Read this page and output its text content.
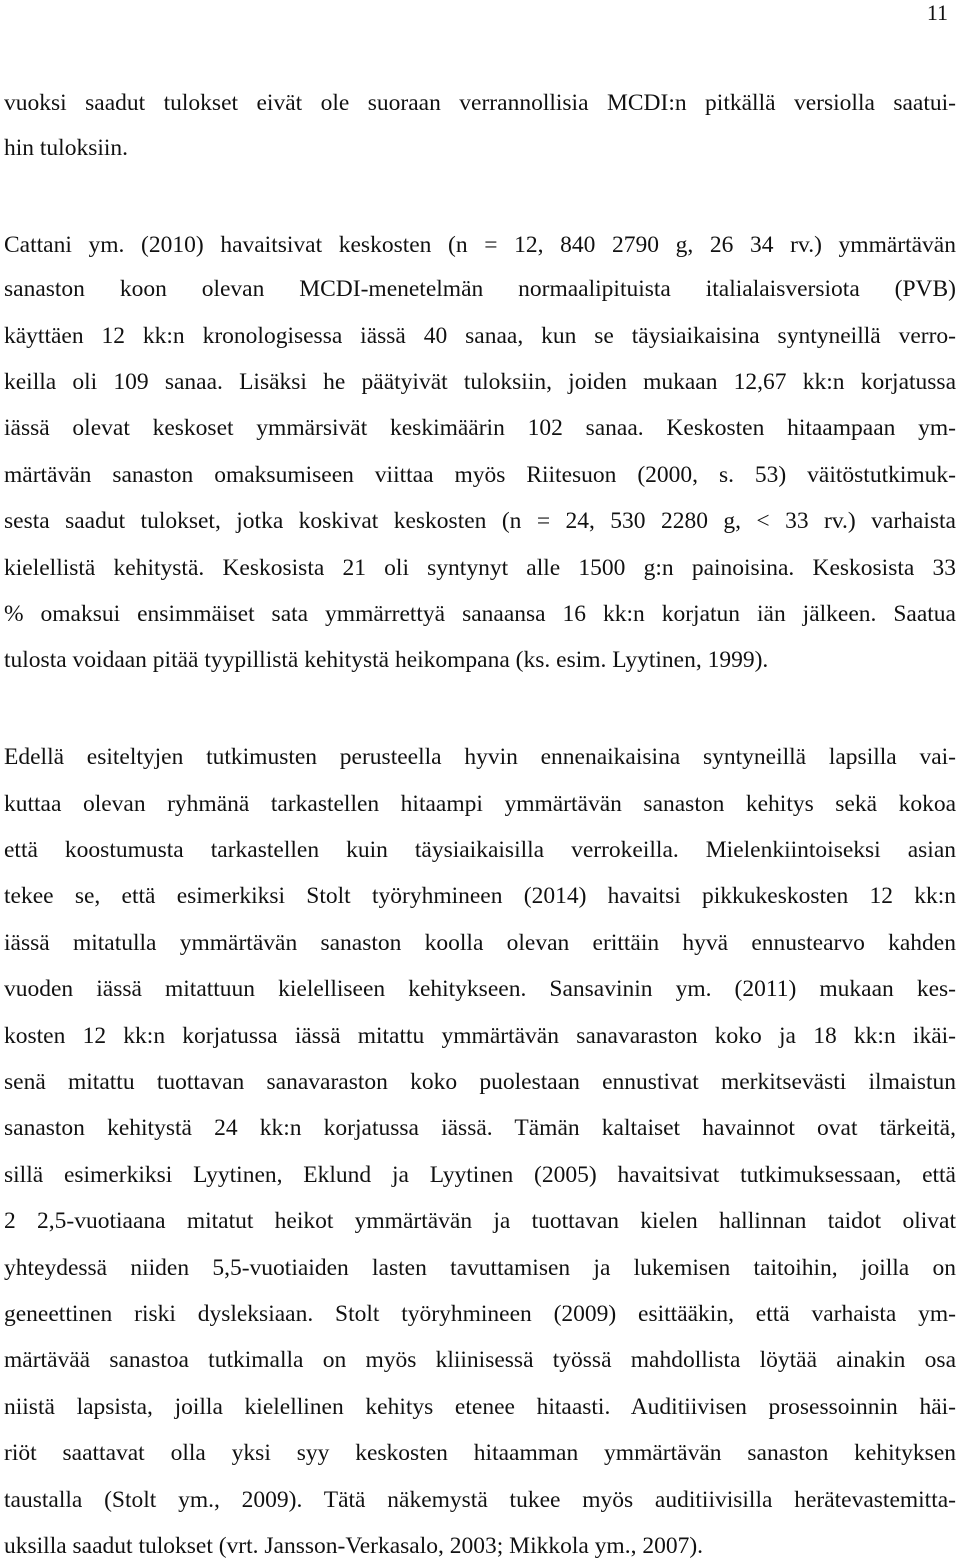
11
vuoksi saadut tulokset eivät ole suoraan verrannollisia MCDI:n pitkällä versiolla saatui-
hin tuloksiin.
Cattani ym. (2010) havaitsivat keskosten (n = 12, 840 2790 g, 26 34 rv.) ymmärtävän
sanaston koon olevan MCDI-menetelmän normaalipituista italialaisversiota (PVB)
käyttäen 12 kk:n kronologisessa iässä 40 sanaa, kun se täysiaikaisina syntyneillä verro-
keilla oli 109 sanaa. Lisäksi he päätyivät tuloksiin, joiden mukaan 12,67 kk:n korjatussa
iässä olevat keskoset ymmärsivät keskimäärin 102 sanaa. Keskosten hitaampaan ym-
märtävän sanaston omaksumiseen viittaa myös Riitesuon (2000, s. 53) väitöstutkimuk-
sesta saadut tulokset, jotka koskivat keskosten (n = 24, 530 2280 g, < 33 rv.) varhaista
kielellistä kehitystä. Keskosista 21 oli syntynyt alle 1500 g:n painoisina. Keskosista 33
% omaksui ensimmäiset sata ymmärrettyä sanaansa 16 kk:n korjatun iän jälkeen. Saatua
tulosta voidaan pitää tyypillistä kehitystä heikompana (ks. esim. Lyytinen, 1999).
Edellä esiteltyjen tutkimusten perusteella hyvin ennenaikaisina syntyneillä lapsilla vai-
kuttaa olevan ryhmänä tarkastellen hitaampi ymmärtävän sanaston kehitys sekä kokoa
että koostumusta tarkastellen kuin täysiaikaisilla verrokeilla. Mielenkiintoiseksi asian
tekee se, että esimerkiksi Stolt työryhmineen (2014) havaitsi pikkukeskosten 12 kk:n
iässä mitatulla ymmärtävän sanaston koolla olevan erittäin hyvä ennustearvo kahden
vuoden iässä mitattuun kielelliseen kehitykseen. Sansavinin ym. (2011) mukaan kes-
kosten 12 kk:n korjatussa iässä mitattu ymmärtävän sanavaraston koko ja 18 kk:n ikäi-
senä mitattu tuottavan sanavaraston koko puolestaan ennustivat merkitsevästi ilmaistun
sanaston kehitystä 24 kk:n korjatussa iässä. Tämän kaltaiset havainnot ovat tärkeitä,
sillä esimerkiksi Lyytinen, Eklund ja Lyytinen (2005) havaitsivat tutkimuksessaan, että
2 2,5-vuotiaana mitatut heikot ymmärtävän ja tuottavan kielen hallinnan taidot olivat
yhteydessä niiden 5,5-vuotiaiden lasten tavuttamisen ja lukemisen taitoihin, joilla on
geneettinen riski dysleksiaan. Stolt työryhmineen (2009) esittääkin, että varhaista ym-
märtävää sanastoa tutkimalla on myös kliinisessä työssä mahdollista löytää ainakin osa
niistä lapsista, joilla kielellinen kehitys etenee hitaasti. Auditiivisen prosessoinnin häi-
riöt saattavat olla yksi syy keskosten hitaamman ymmärtävän sanaston kehityksen
taustalla (Stolt ym., 2009). Tätä näkemystä tukee myös auditiivisilla herätevastemitta-
uksilla saadut tulokset (vrt. Jansson-Verkasalo, 2003; Mikkola ym., 2007).
